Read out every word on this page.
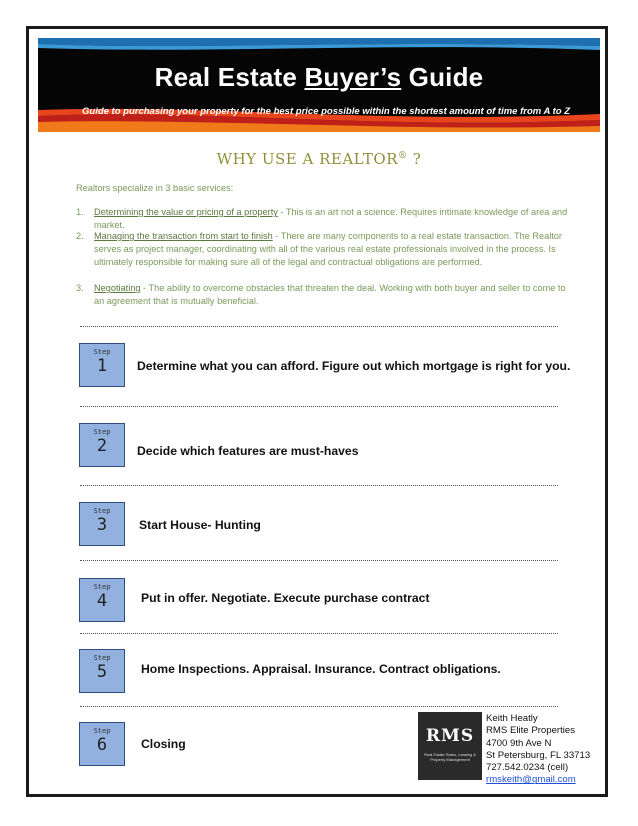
Real Estate Buyer’s Guide
Guide to purchasing your property for the best price possible within the shortest amount of time from A to Z
WHY USE A REALTOR® ?
Realtors specialize in 3 basic services:
1. Determining the value or pricing of a property - This is an art not a science. Requires intimate knowledge of area and market.
2. Managing the transaction from start to finish - There are many components to a real estate transaction. The Realtor serves as project manager, coordinating with all of the various real estate professionals involved in the process. Is ultimately responsible for making sure all of the legal and contractual obligations are performed.
3. Negotiating - The ability to overcome obstacles that threaten the deal. Working with both buyer and seller to come to an agreement that is mutually beneficial.
Step
1	Determine what you can afford. Figure out which mortgage is right for you.
Step
2	Decide which features are must-haves
Step
3	Start House- Hunting
Step
4	Put in offer. Negotiate. Execute purchase contract
Step
5	Home Inspections. Appraisal. Insurance. Contract obligations.
Step
6	Closing	RMS
Real Estate Sales, Leasing & Property Management
Keith Heatly
RMS Elite Properties
4700 9th Ave N
St Petersburg, FL 33713
727.542.0234 (cell)
rmskeith@gmail.com
